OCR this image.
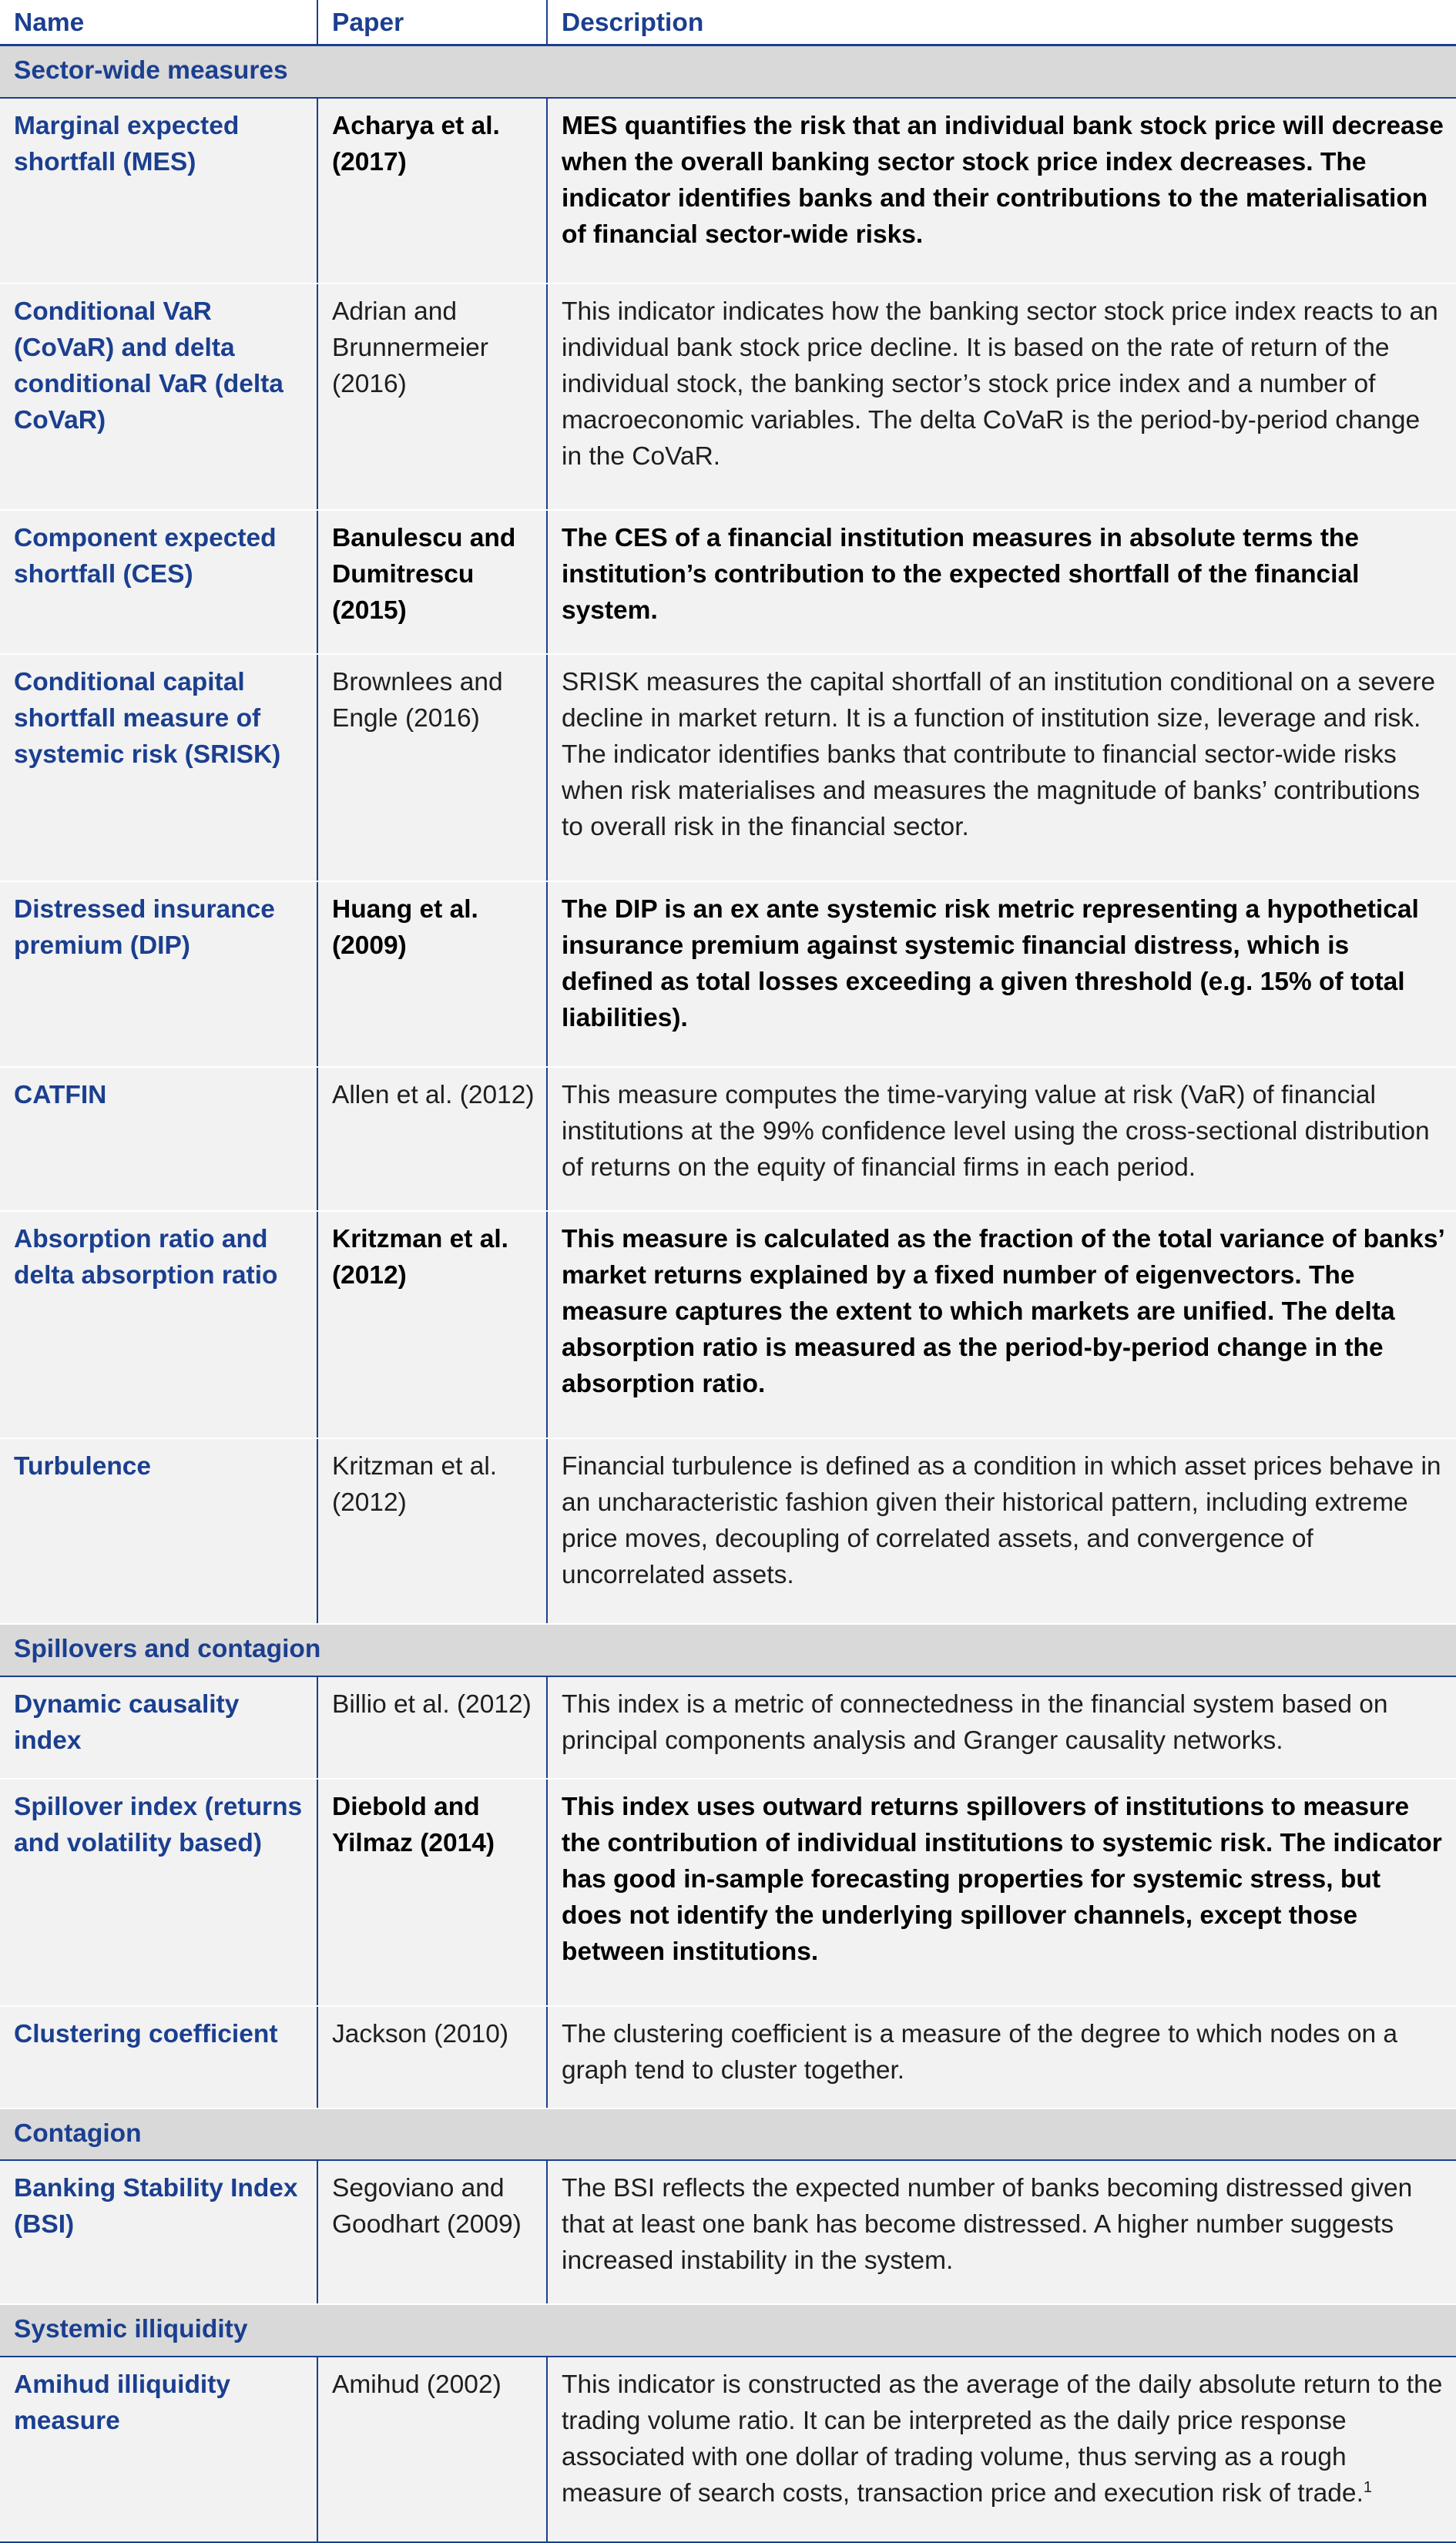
Name	Paper	Description
Sector-wide measures		
Marginal expected shortfall (MES)	Acharya et al. (2017)	MES quantifies the risk that an individual bank stock price will decrease when the overall banking sector stock price index decreases. The indicator identifies banks and their contributions to the materialisation of financial sector-wide risks.
Conditional VaR (CoVaR) and delta conditional VaR (delta CoVaR)	Adrian and Brunnermeier (2016)	This indicator indicates how the banking sector stock price index reacts to an individual bank stock price decline. It is based on the rate of return of the individual stock, the banking sector’s stock price index and a number of macroeconomic variables. The delta CoVaR is the period-by-period change in the CoVaR.
Component expected shortfall (CES)	Banulescu and Dumitrescu (2015)	The CES of a financial institution measures in absolute terms the institution’s contribution to the expected shortfall of the financial system.
Conditional capital shortfall measure of systemic risk (SRISK)	Brownlees and Engle (2016)	SRISK measures the capital shortfall of an institution conditional on a severe decline in market return. It is a function of institution size, leverage and risk. The indicator identifies banks that contribute to financial sector-wide risks when risk materialises and measures the magnitude of banks’ contributions to overall risk in the financial sector.
Distressed insurance premium (DIP)	Huang et al. (2009)	The DIP is an ex ante systemic risk metric representing a hypothetical insurance premium against systemic financial distress, which is defined as total losses exceeding a given threshold (e.g. 15% of total liabilities).
CATFIN	Allen et al. (2012)	This measure computes the time-varying value at risk (VaR) of financial institutions at the 99% confidence level using the cross-sectional distribution of returns on the equity of financial firms in each period.
Absorption ratio and delta absorption ratio	Kritzman et al. (2012)	This measure is calculated as the fraction of the total variance of banks’ market returns explained by a fixed number of eigenvectors. The measure captures the extent to which markets are unified. The delta absorption ratio is measured as the period-by-period change in the absorption ratio.
Turbulence	Kritzman et al. (2012)	Financial turbulence is defined as a condition in which asset prices behave in an uncharacteristic fashion given their historical pattern, including extreme price moves, decoupling of correlated assets, and convergence of uncorrelated assets.
Spillovers and contagion		
Dynamic causality index	Billio et al. (2012)	This index is a metric of connectedness in the financial system based on principal components analysis and Granger causality networks.
Spillover index (returns and volatility based)	Diebold and Yilmaz (2014)	This index uses outward returns spillovers of institutions to measure the contribution of individual institutions to systemic risk. The indicator has good in-sample forecasting properties for systemic stress, but does not identify the underlying spillover channels, except those between institutions.
Clustering coefficient	Jackson (2010)	The clustering coefficient is a measure of the degree to which nodes on a graph tend to cluster together.
Contagion		
Banking Stability Index (BSI)	Segoviano and Goodhart (2009)	The BSI reflects the expected number of banks becoming distressed given that at least one bank has become distressed. A higher number suggests increased instability in the system.
Systemic illiquidity		
Amihud illiquidity measure	Amihud (2002)	This indicator is constructed as the average of the daily absolute return to the trading volume ratio. It can be interpreted as the daily price response associated with one dollar of trading volume, thus serving as a rough measure of search costs, transaction price and execution risk of trade.$^1$
